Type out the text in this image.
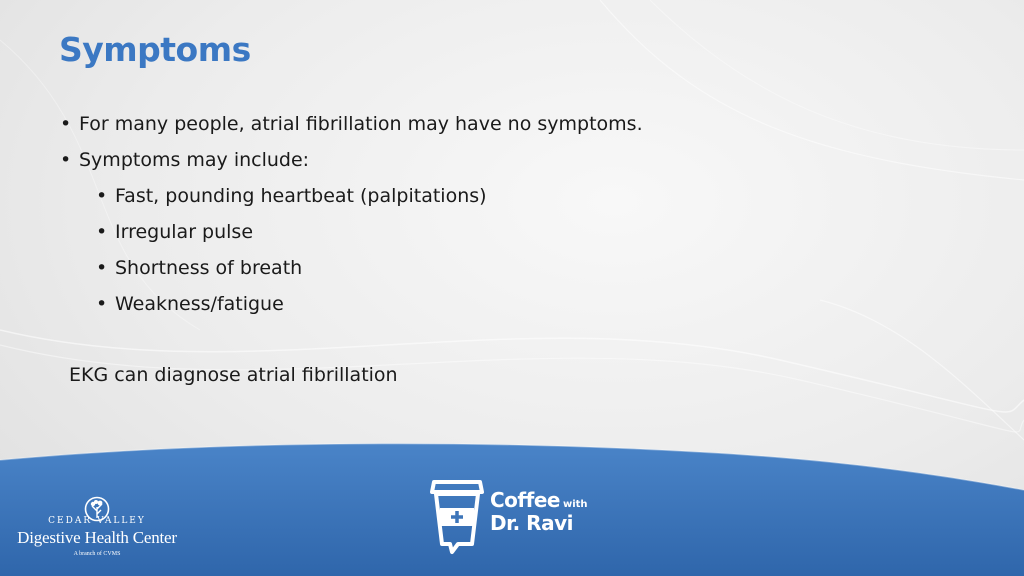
Symptoms
• For many people, atrial fibrillation may have no symptoms.
• Symptoms may include:
• Fast, pounding heartbeat (palpitations)
• Irregular pulse
• Shortness of breath
• Weakness/fatigue

EKG can diagnose atrial fibrillation

CEDAR VALLEY
Digestive Health Center
A branch of CVMS
Coffee with
Dr. Ravi
